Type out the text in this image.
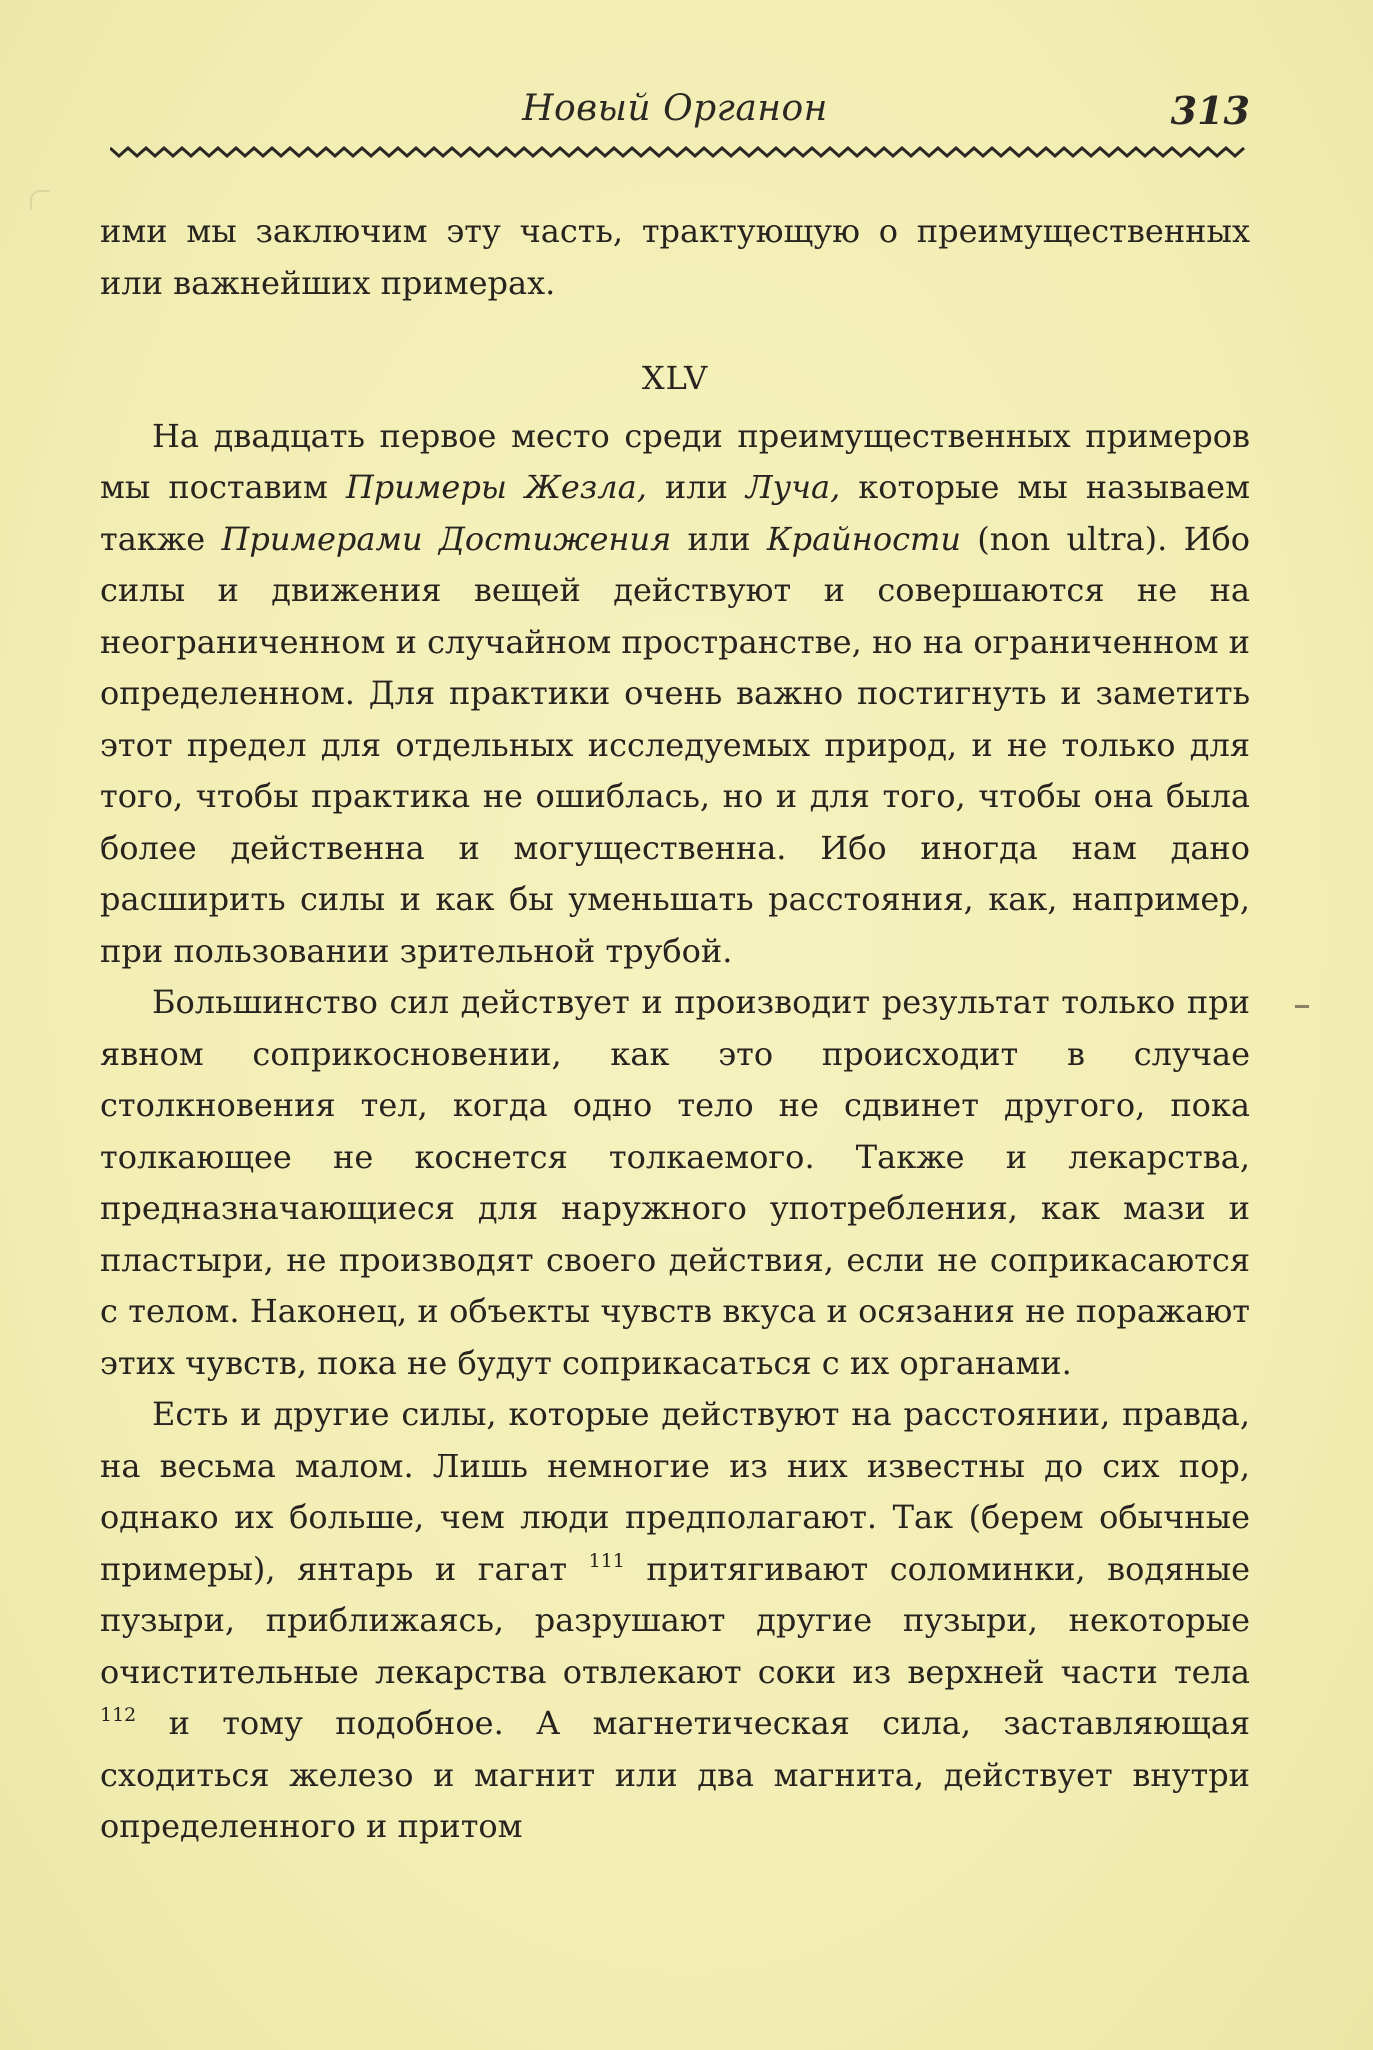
Новый Органон	313

ими мы заключим эту часть, трактующую о преимущественных или важнейших примерах.

XLV

На двадцать первое место среди преимущественных примеров мы поставим Примеры Жезла, или Луча, которые мы называем также Примерами Достижения или Крайности (non ultra). Ибо силы и движения вещей действуют и совершаются не на неограниченном и случайном пространстве, но на ограниченном и определенном. Для практики очень важно постигнуть и заметить этот предел для отдельных исследуемых природ, и не только для того, чтобы практика не ошиблась, но и для того, чтобы она была более действенна и могущественна. Ибо иногда нам дано расширить силы и как бы уменьшать расстояния, как, например, при пользовании зрительной трубой.

Большинство сил действует и производит результат только при явном соприкосновении, как это происходит в случае столкновения тел, когда одно тело не сдвинет другого, пока толкающее не коснется толкаемого. Также и лекарства, предназначающиеся для наружного употребления, как мази и пластыри, не производят своего действия, если не соприкасаются с телом. Наконец, и объекты чувств вкуса и осязания не поражают этих чувств, пока не будут соприкасаться с их органами.

Есть и другие силы, которые действуют на расстоянии, правда, на весьма малом. Лишь немногие из них известны до сих пор, однако их больше, чем люди предполагают. Так (берем обычные примеры), янтарь и гагат $^{111}$ притягивают соломинки, водяные пузыри, приближаясь, разрушают другие пузыри, некоторые очистительные лекарства отвлекают соки из верхней части тела $^{112}$ и тому подобное. А магнетическая сила, заставляющая сходиться железо и магнит или два магнита, действует внутри определенного и притом
